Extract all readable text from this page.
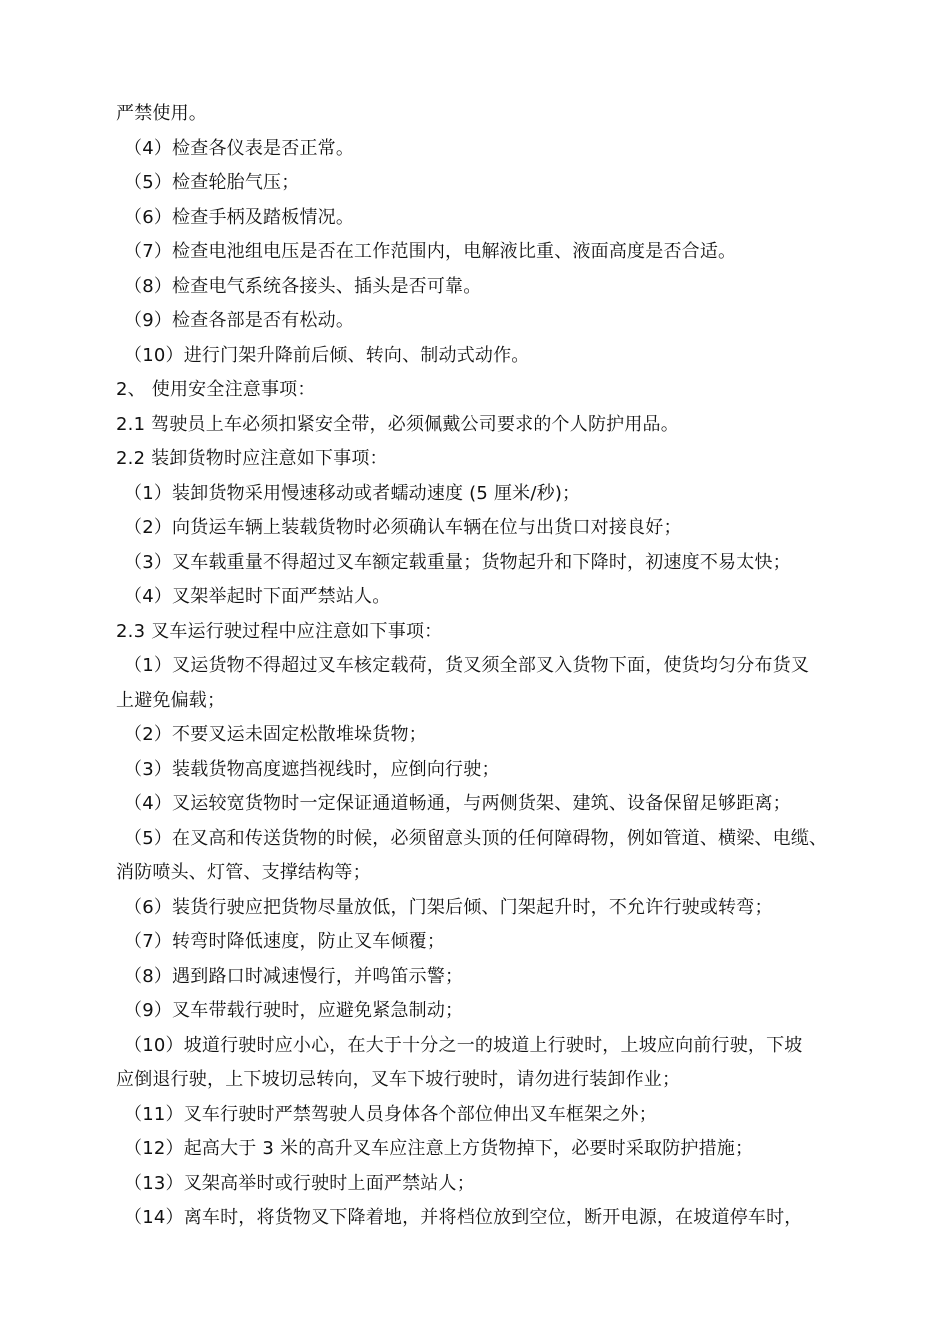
严禁使用。
（4）检查各仪表是否正常。
（5）检查轮胎气压；
（6）检查手柄及踏板情况。
（7）检查电池组电压是否在工作范围内，电解液比重、液面高度是否合适。
（8）检查电气系统各接头、插头是否可靠。
（9）检查各部是否有松动。
（10）进行门架升降前后倾、转向、制动式动作。
2、 使用安全注意事项：
2.1 驾驶员上车必须扣紧安全带，必须佩戴公司要求的个人防护用品。
2.2 装卸货物时应注意如下事项：
（1）装卸货物采用慢速移动或者蠕动速度 (5 厘米/秒)；
（2）向货运车辆上装载货物时必须确认车辆在位与出货口对接良好；
（3）叉车载重量不得超过叉车额定载重量；货物起升和下降时，初速度不易太快；
（4）叉架举起时下面严禁站人。
2.3 叉车运行驶过程中应注意如下事项：
（1）叉运货物不得超过叉车核定载荷，货叉须全部叉入货物下面，使货均匀分布货叉
上避免偏载；
（2）不要叉运未固定松散堆垛货物；
（3）装载货物高度遮挡视线时，应倒向行驶；
（4）叉运较宽货物时一定保证通道畅通，与两侧货架、建筑、设备保留足够距离；
（5）在叉高和传送货物的时候，必须留意头顶的任何障碍物，例如管道、横梁、电缆、
消防喷头、灯管、支撑结构等；
（6）装货行驶应把货物尽量放低，门架后倾、门架起升时，不允许行驶或转弯；
（7）转弯时降低速度，防止叉车倾覆；
（8）遇到路口时减速慢行，并鸣笛示警；
（9）叉车带载行驶时，应避免紧急制动；
（10）坡道行驶时应小心，在大于十分之一的坡道上行驶时，上坡应向前行驶，下坡
应倒退行驶，上下坡切忌转向，叉车下坡行驶时，请勿进行装卸作业；
（11）叉车行驶时严禁驾驶人员身体各个部位伸出叉车框架之外；
（12）起高大于 3 米的高升叉车应注意上方货物掉下，必要时采取防护措施；
（13）叉架高举时或行驶时上面严禁站人；
（14）离车时，将货物叉下降着地，并将档位放到空位，断开电源，在坡道停车时，
